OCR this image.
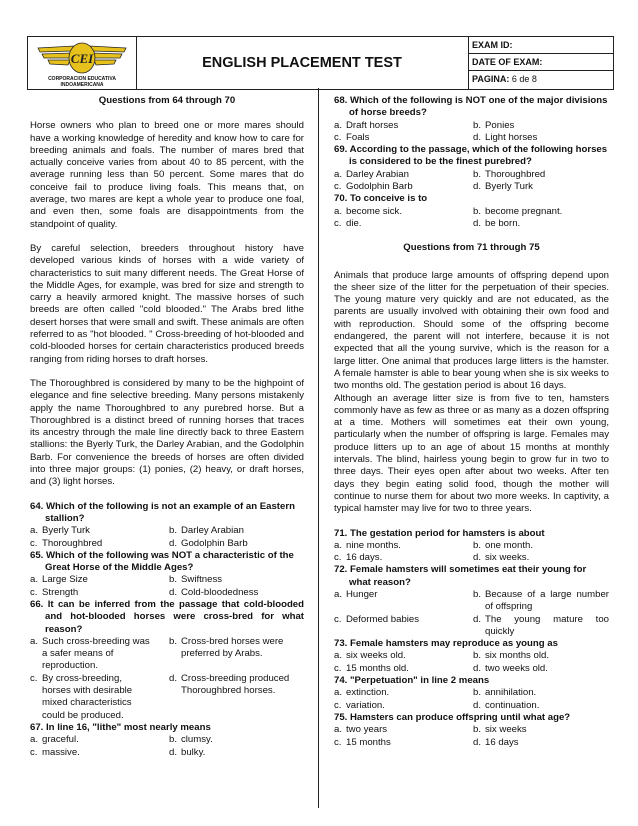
CEI
CORPORACION EDUCATIVA
INDOAMERICANA
ENGLISH PLACEMENT TEST
EXAM ID:
DATE OF EXAM:
PAGINA: 6 de 8
Questions from 64 through 70

Horse owners who plan to breed one or more mares should have a working knowledge of heredity and know how to care for breeding animals and foals. The number of mares bred that actually conceive varies from about 40 to 85 percent, with the average running less than 50 percent. Some mares that do conceive fail to produce living foals. This means that, on average, two mares are kept a whole year to produce one foal, and even then, some foals are disappointments from the standpoint of quality.

By careful selection, breeders throughout history have developed various kinds of horses with a wide variety of characteristics to suit many different needs. The Great Horse of the Middle Ages, for example, was bred for size and strength to carry a heavily armored knight. The massive horses of such breeds are often called "cold blooded." The Arabs bred lithe desert horses that were small and swift. These animals are often referred to as "hot blooded. " Cross-breeding of hot-blooded and cold-blooded horses for certain characteristics produced breeds ranging from riding horses to draft horses.

The Thoroughbred is considered by many to be the highpoint of elegance and fine selective breeding. Many persons mistakenly apply the name Thoroughbred to any purebred horse. But a Thoroughbred is a distinct breed of running horses that traces its ancestry through the male line directly back to three Eastern stallions: the Byerly Turk, the Darley Arabian, and the Godolphin Barb. For convenience the breeds of horses are often divided into three major groups: (1) ponies, (2) heavy, or draft horses, and (3) light horses.

64. Which of the following is not an example of an Eastern stallion?
a. Byerly Turk	b. Darley Arabian
c. Thoroughbred	d. Godolphin Barb
65. Which of the following was NOT a characteristic of the Great Horse of the Middle Ages?
a. Large Size	b. Swiftness
c. Strength	d. Cold-bloodedness
66. It can be inferred from the passage that cold-blooded and hot-blooded horses were cross-bred for what reason?
a. Such cross-breeding was a safer means of reproduction.
b. Cross-bred horses were preferred by Arabs.
c. By cross-breeding, horses with desirable mixed characteristics could be produced.
d. Cross-breeding produced Thoroughbred horses.
67. In line 16, "lithe" most nearly means
a. graceful.	b. clumsy.
c. massive.	d. bulky.
68. Which of the following is NOT one of the major divisions of horse breeds?
a. Draft horses	b. Ponies
c. Foals	d. Light horses
69. According to the passage, which of the following horses is considered to be the finest purebred?
a. Darley Arabian	b. Thoroughbred
c. Godolphin Barb	d. Byerly Turk
70. To conceive is to
a. become sick.	b. become pregnant.
c. die.	d. be born.
Questions from 71 through 75

Animals that produce large amounts of offspring depend upon the sheer size of the litter for the perpetuation of their species. The young mature very quickly and are not educated, as the parents are usually involved with obtaining their own food and with reproduction. Should some of the offspring become endangered, the parent will not interfere, because it is not expected that all the young survive, which is the reason for a large litter. One animal that produces large litters is the hamster. A female hamster is able to bear young when she is six weeks to two months old. The gestation period is about 16 days.

Although an average litter size is from five to ten, hamsters commonly have as few as three or as many as a dozen offspring at a time. Mothers will sometimes eat their own young, particularly when the number of offspring is large. Females may produce litters up to an age of about 15 months at monthly intervals. The blind, hairless young begin to grow fur in two to three days. Their eyes open after about two weeks. After ten days they begin eating solid food, though the mother will continue to nurse them for about two more weeks. In captivity, a typical hamster may live for two to three years.

71. The gestation period for hamsters is about
a. nine months.	b. one month.
c. 16 days.	d. six weeks.
72. Female hamsters will sometimes eat their young for what reason?
a. Hunger	b. Because of a large number of offspring
c. Deformed babies	d. The young mature too quickly
73. Female hamsters may reproduce as young as
a. six weeks old.	b. six months old.
c. 15 months old.	d. two weeks old.
74. "Perpetuation" in line 2 means
a. extinction.	b. annihilation.
c. variation.	d. continuation.
75. Hamsters can produce offspring until what age?
a. two years	b. six weeks
c. 15 months	d. 16 days
